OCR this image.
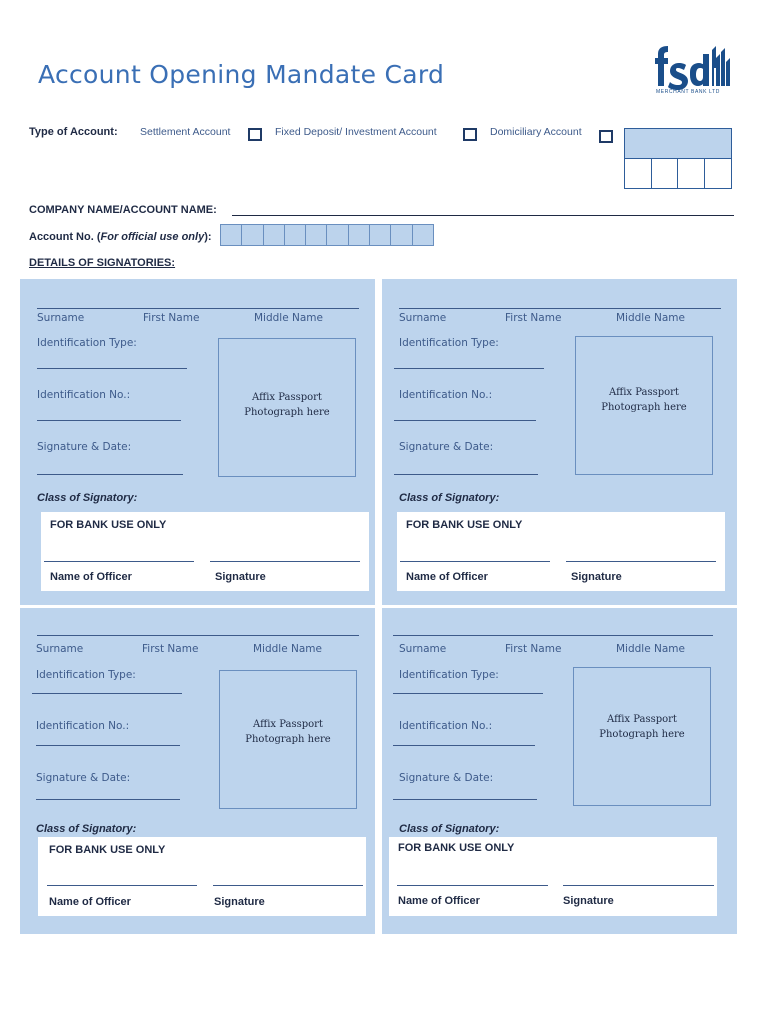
Account Opening Mandate Card
MERCHANT BANK LTD
Type of Account: Settlement Account	Fixed Deposit/ Investment Account	Domiciliary Account
COMPANY NAME/ACCOUNT NAME:
Account No. (For official use only):
DETAILS OF SIGNATORIES:
Surname	First Name	Middle Name
Identification Type:
Identification No.:
Signature & Date:
Affix Passport
Photograph here
Class of Signatory:
FOR BANK USE ONLY
Name of Officer	Signature
Surname	First Name	Middle Name
Identification Type:
Identification No.:
Signature & Date:
Affix Passport
Photograph here
Class of Signatory:
FOR BANK USE ONLY
Name of Officer	Signature
Surname	First Name	Middle Name
Identification Type:
Identification No.:
Signature & Date:
Affix Passport
Photograph here
Class of Signatory:
FOR BANK USE ONLY
Name of Officer	Signature
Surname	First Name	Middle Name
Identification Type:
Identification No.:
Signature & Date:
Affix Passport
Photograph here
Class of Signatory:
FOR BANK USE ONLY
Name of Officer	Signature
